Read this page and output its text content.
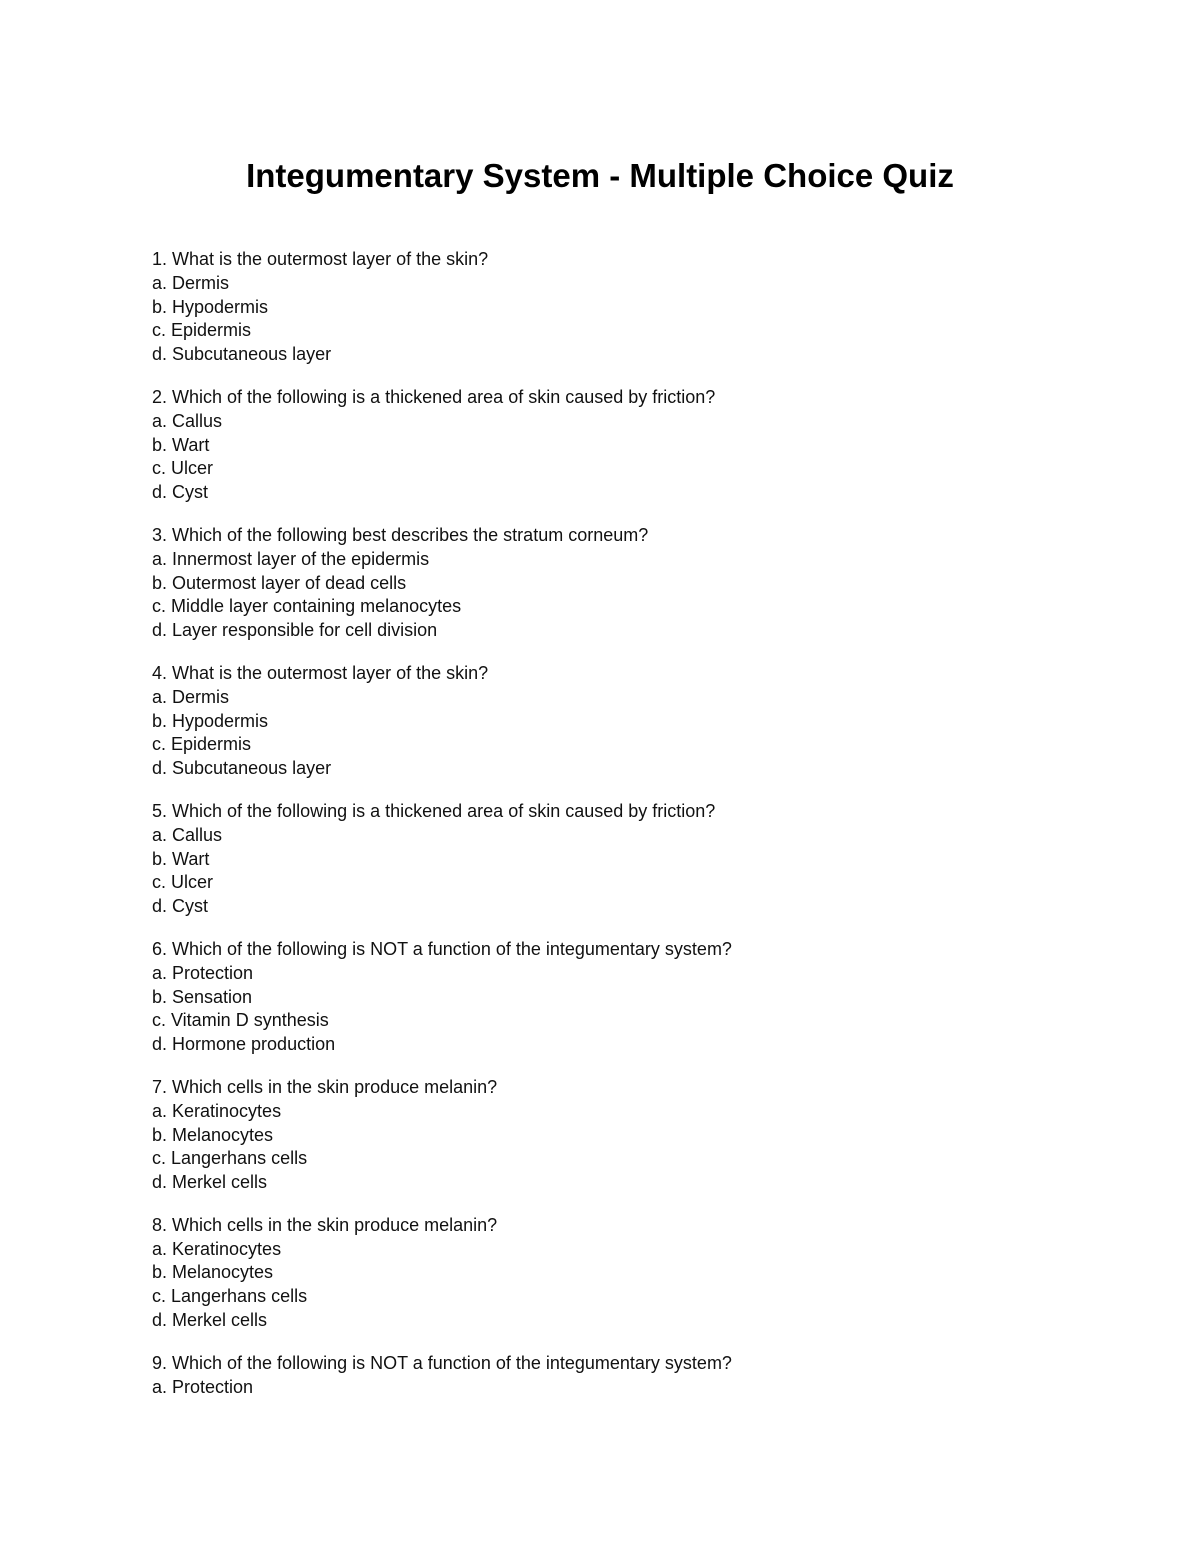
Integumentary System - Multiple Choice Quiz
1. What is the outermost layer of the skin?
a. Dermis
b. Hypodermis
c. Epidermis
d. Subcutaneous layer
2. Which of the following is a thickened area of skin caused by friction?
a. Callus
b. Wart
c. Ulcer
d. Cyst
3. Which of the following best describes the stratum corneum?
a. Innermost layer of the epidermis
b. Outermost layer of dead cells
c. Middle layer containing melanocytes
d. Layer responsible for cell division
4. What is the outermost layer of the skin?
a. Dermis
b. Hypodermis
c. Epidermis
d. Subcutaneous layer
5. Which of the following is a thickened area of skin caused by friction?
a. Callus
b. Wart
c. Ulcer
d. Cyst
6. Which of the following is NOT a function of the integumentary system?
a. Protection
b. Sensation
c. Vitamin D synthesis
d. Hormone production
7. Which cells in the skin produce melanin?
a. Keratinocytes
b. Melanocytes
c. Langerhans cells
d. Merkel cells
8. Which cells in the skin produce melanin?
a. Keratinocytes
b. Melanocytes
c. Langerhans cells
d. Merkel cells
9. Which of the following is NOT a function of the integumentary system?
a. Protection
